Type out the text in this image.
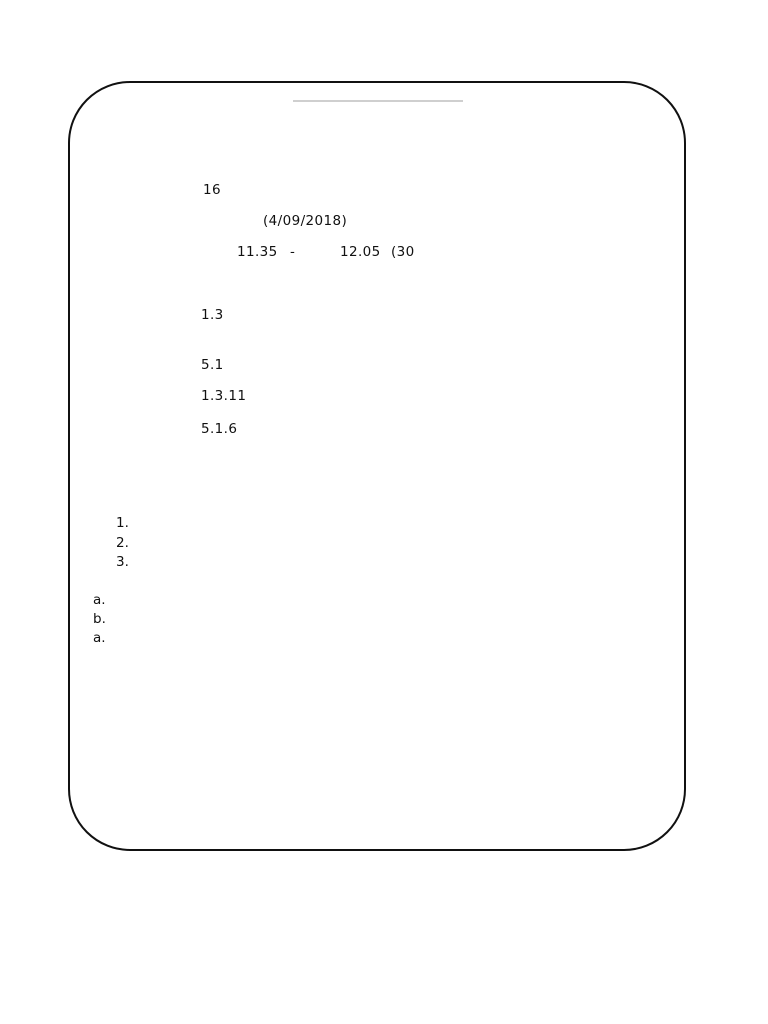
16
(4/09/2018)
11.35 -	12.05 (30
1.3
5.1
1.3.11
5.1.6
1.
2.
3.
a.
b.
a.
